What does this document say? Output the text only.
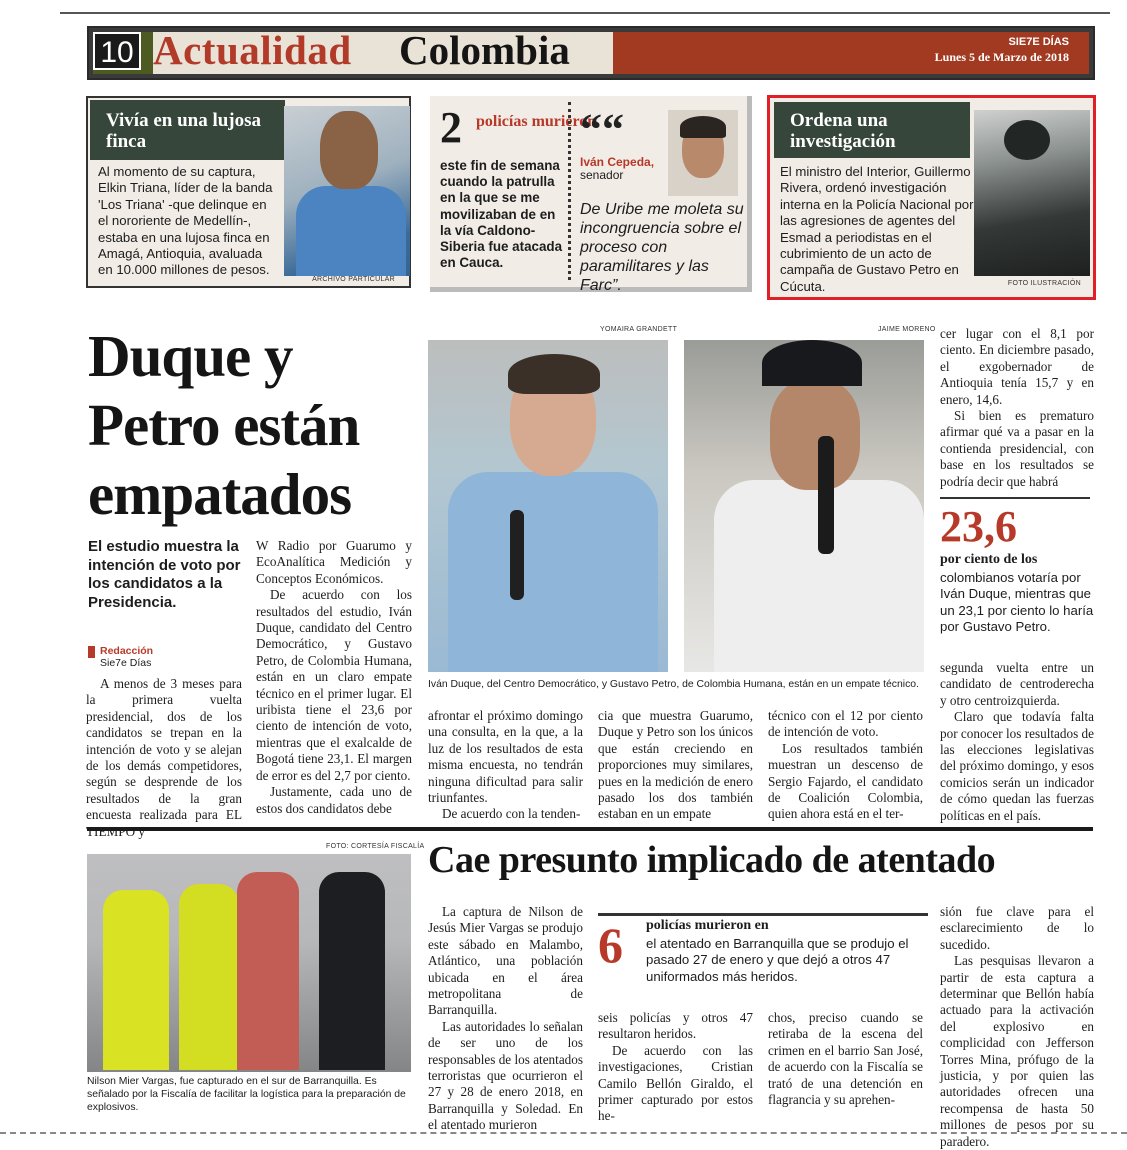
10 Actualidad Colombia	SIE7E DÍAS
Lunes 5 de Marzo de 2018
Vivía en una lujosa finca
Al momento de su captura, Elkin Triana, líder de la banda 'Los Triana' -que delinque en el nororiente de Medellín-, estaba en una lujosa finca en Amagá, Antioquia, avaluada en 10.000 millones de pesos.
ARCHIVO PARTICULAR
2 policías murieron
este fin de semana cuando la patrulla en la que se me movilizaban de en la vía Caldono-Siberia fue atacada en Cauca.
““
Iván Cepeda,
senador
De Uribe me moleta su incongruencia sobre el proceso con paramilitares y las Farc”.
Ordena una investigación
El ministro del Interior, Guillermo Rivera, ordenó investigación interna en la Policía Nacional por las agresiones de agentes del Esmad a periodistas en el cubrimiento de un acto de campaña de Gustavo Petro en Cúcuta.	FOTO ILUSTRACIÓN
Duque y Petro están empatados
El estudio muestra la intención de voto por los candidatos a la Presidencia.
Redacción
Sie7e Días

A menos de 3 meses para la primera vuelta presidencial, dos de los candidatos se trepan en la intención de voto y se alejan de los demás competidores, según se desprende de los resultados de la gran encuesta realizada para EL TIEMPO y

W Radio por Guarumo y EcoAnalítica Medición y Conceptos Económicos.

De acuerdo con los resultados del estudio, Iván Duque, candidato del Centro Democrático, y Gustavo Petro, de Colombia Humana, están en un claro empate técnico en el primer lugar. El uribista tiene el 23,6 por ciento de intención de voto, mientras que el exalcalde de Bogotá tiene 23,1. El margen de error es del 2,7 por ciento.

Justamente, cada uno de estos dos candidatos debe

YOMAIRA GRANDETT	JAIME MORENO
Iván Duque, del Centro Democrático, y Gustavo Petro, de Colombia Humana, están en un empate técnico.

afrontar el próximo domingo una consulta, en la que, a la luz de los resultados de esta misma encuesta, no tendrán ninguna dificultad para salir triunfantes.

De acuerdo con la tenden-

cia que muestra Guarumo, Duque y Petro son los únicos que están creciendo en proporciones muy similares, pues en la medición de enero pasado los dos también estaban en un empate

técnico con el 12 por ciento de intención de voto.

Los resultados también muestran un descenso de Sergio Fajardo, el candidato de Coalición Colombia, quien ahora está en el ter-

cer lugar con el 8,1 por ciento. En diciembre pasado, el exgobernador de Antioquia tenía 15,7 y en enero, 14,6.

Si bien es prematuro afirmar qué va a pasar en la contienda presidencial, con base en los resultados se podría decir que habrá

23,6
por ciento de los
colombianos votaría por Iván Duque, mientras que un 23,1 por ciento lo haría por Gustavo Petro.

segunda vuelta entre un candidato de centroderecha y otro centroizquierda.

Claro que todavía falta por conocer los resultados de las elecciones legislativas del próximo domingo, y esos comicios serán un indicador de cómo quedan las fuerzas políticas en el país.

FOTO: CORTESÍA FISCALÍA
Nilson Mier Vargas, fue capturado en el sur de Barranquilla. Es señalado por la Fiscalía de facilitar la logística para la preparación de explosivos.
Cae presunto implicado de atentado

La captura de Nilson de Jesús Mier Vargas se produjo este sábado en Malambo, Atlántico, una población ubicada en el área metropolitana de Barranquilla.

Las autoridades lo señalan de ser uno de los responsables de los atentados terroristas que ocurrieron el 27 y 28 de enero 2018, en Barranquilla y Soledad. En el atentado murieron

6	policías murieron en
el atentado en Barranquilla que se produjo el pasado 27 de enero y que dejó a otros 47 uniformados más heridos.

seis policías y otros 47 resultaron heridos.

De acuerdo con las investigaciones, Cristian Camilo Bellón Giraldo, el primer capturado por estos he-

chos, preciso cuando se retiraba de la escena del crimen en el barrio San José, de acuerdo con la Fiscalía se trató de una detención en flagrancia y su aprehen-

sión fue clave para el esclarecimiento de lo sucedido.

Las pesquisas llevaron a partir de esta captura a determinar que Bellón había actuado para la activación del explosivo en complicidad con Jefferson Torres Mina, prófugo de la justicia, y por quien las autoridades ofrecen una recompensa de hasta 50 millones de pesos por su paradero.
